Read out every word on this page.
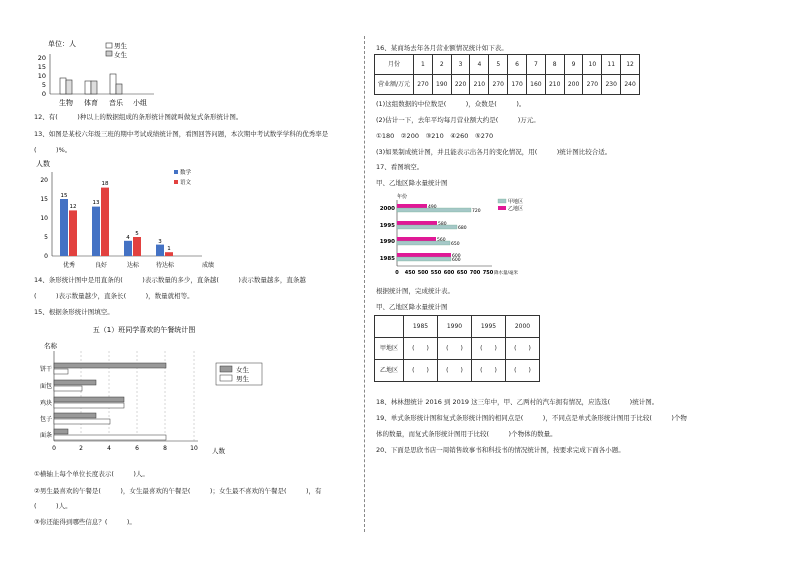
单位：人	男生
女生
20
15
10
5
0
生物 体育 音乐 小组
12、有(　　　)种以上的数据组成的条形统计图就叫做复式条形统计图。
13、如图是某校六年级三班的期中考试成绩统计图，看图回答问题，本次期中考试数学学科的优秀率是
(　　　)%。
人数
20
15
10
5
0
数学
语文
15
12
13
18
4
5
3
1
优秀	良好	达标	待达标	成绩
14、条形统计图中是用直条的(　　　)表示数量的多少，直条越(　　　)表示数量越多，直条越
(　　　)表示数量越少，直条长(　　　)，数量就相等。
15、根据条形统计图填空。
五（1）班同学喜欢的午餐统计图
名称
饼干
面包
鸡块
包子
面条
0	2	4	6	8	10 人数
女生
男生
①横轴上每个单位长度表示(　　　)人。
②男生最喜欢的午餐是(　　　)，女生最喜欢的午餐是(　　　)；女生最不喜欢的午餐是(　　　)，有
(　　　)人。
③你还能得到哪些信息？(　　　)。
16、某商场去年各月营业额情况统计如下表。
月份	1	2	3	4	5	6	7	8	9	10	11	12
营业额/万元	270	190	220	210	270	170	160	210	200	270	230	240
(1)这组数据的中位数是(　　　)，众数是(　　　)。
(2)估计一下，去年平均每月营业额大约是(　　　)万元。
①180　②200　③210　④260　⑤270
(3)如果制成统计图，并且能表示出各月的变化情况，用(　　　)统计图比较合适。
17、看图填空。
甲、乙地区降水量统计图
年份
2000
1995
1990
1985
490
720
580
680
560
650
600
600
0 450 500 550 600 650 700 750 降水量/毫米
甲地区
乙地区
根据统计图，完成统计表。
甲、乙地区降水量统计图
	1985	1990	1995	2000
甲地区	(　　)	(　　)	(　　)	(　　)
乙地区	(　　)	(　　)	(　　)	(　　)
18、林林想统计 2016 到 2019 这三年中，甲、乙两村的汽车拥有情况，应选选(　　　)统计图。
19、单式条形统计图和复式条形统计图的相同点是(　　　)，不同点是单式条形统计图用于比较(　　　)个物
体的数量，而复式条形统计图用于比较(　　　)个物体的数量。
20、下面是思欣书店一周销售故事书和科技书的情况统计图，按要求完成下面各小题。
